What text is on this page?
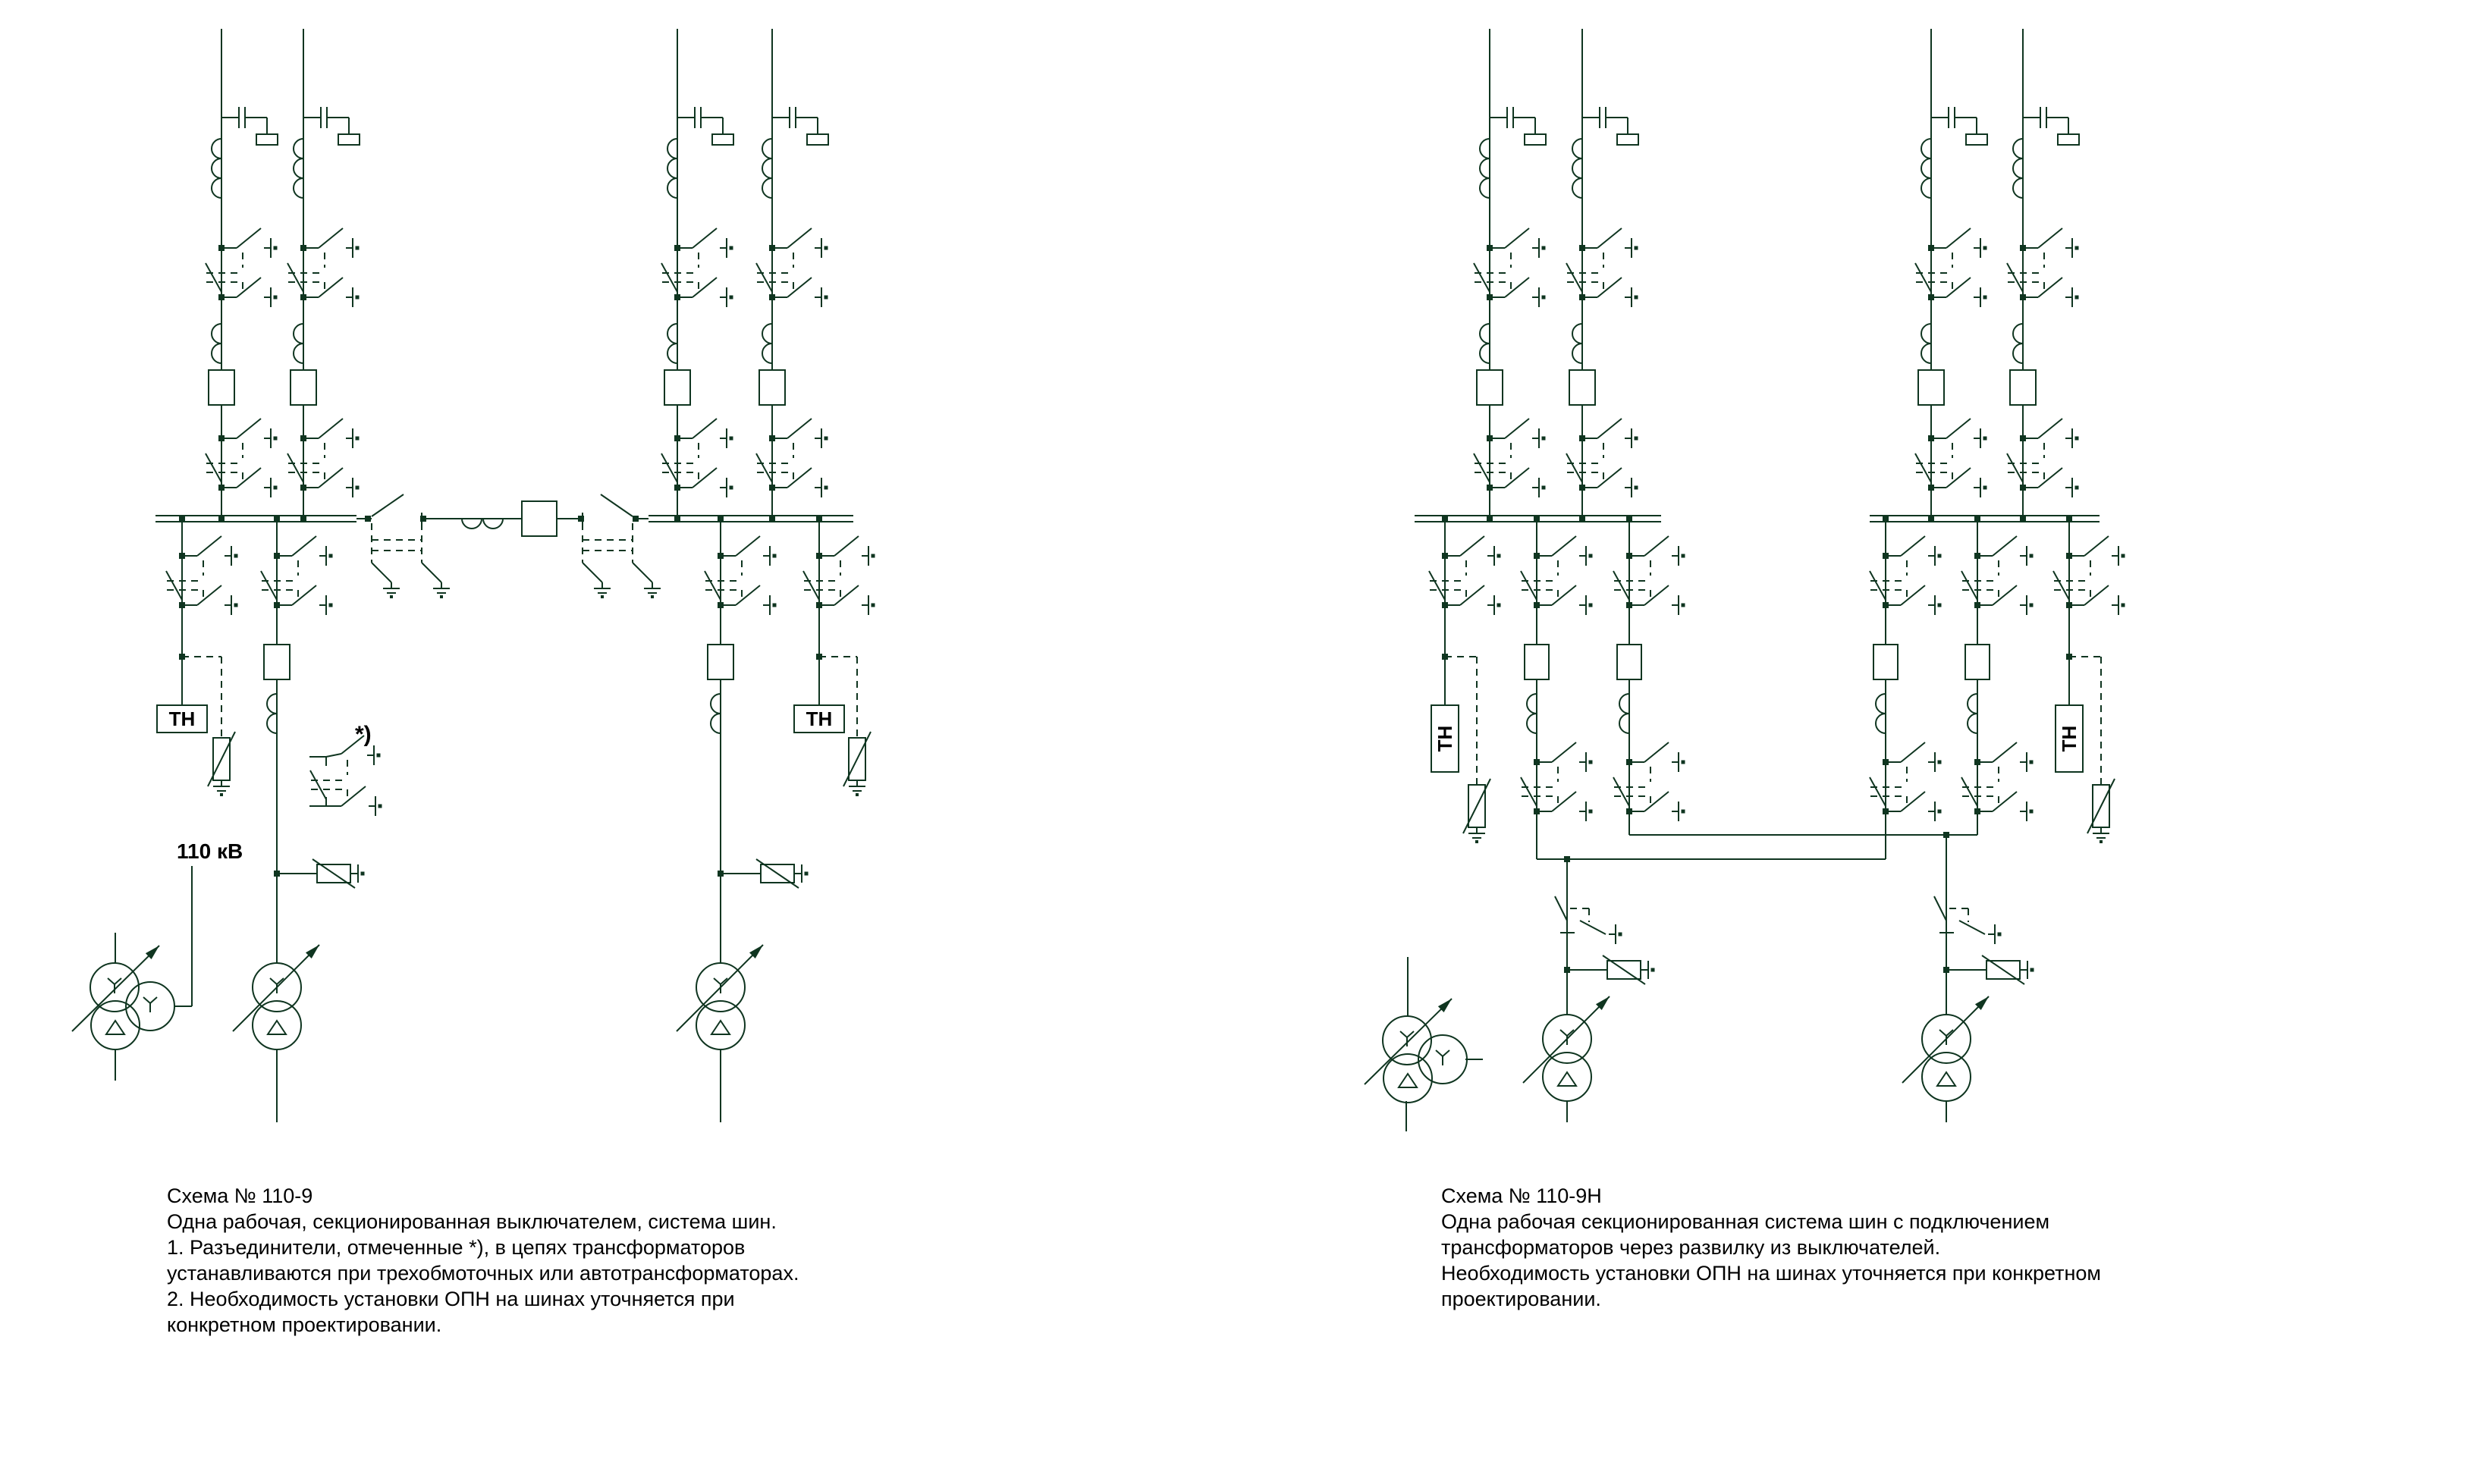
ТН
*)
ТН
110 кВ
ТН	ТН
Схема № 110-9
Одна рабочая, секционированная выключателем, система шин.
1. Разъединители, отмеченные *), в цепях трансформаторов
устанавливаются при трехобмоточных или автотрансформаторах.
2. Необходимость установки ОПН на шинах уточняется при
конкретном проектировании.
Схема № 110-9Н
Одна рабочая секционированная система шин с подключением
трансформаторов через развилку из выключателей.
Необходимость установки ОПН на шинах уточняется при конкретном
проектировании.
